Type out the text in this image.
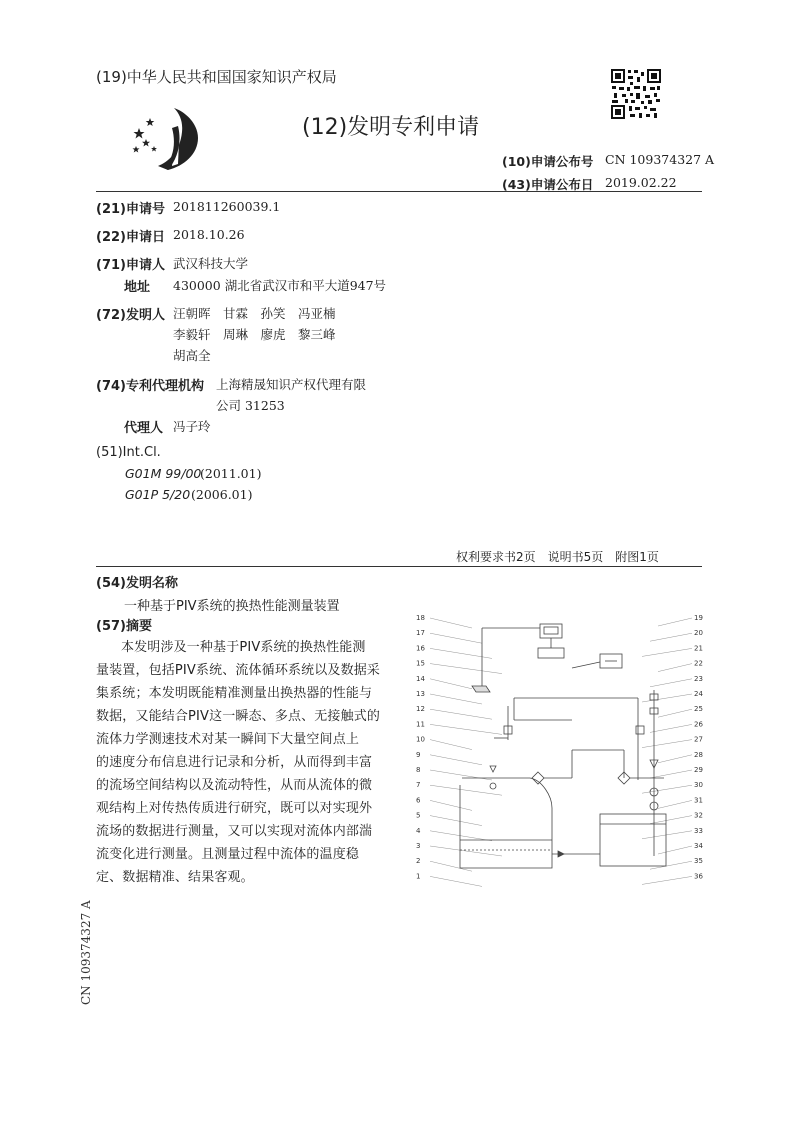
(19)中华人民共和国国家知识产权局
(12)发明专利申请
(10)申请公布号 CN 109374327 A
(43)申请公布日 2019.02.22
(21)申请号 201811260039.1
(22)申请日 2018.10.26
(71)申请人 武汉科技大学
地址 430000 湖北省武汉市和平大道947号
(72)发明人 汪朝晖　甘霖　孙笑　冯亚楠
李毅轩　周琳　廖虎　黎三峰
胡高全
(74)专利代理机构 上海精晟知识产权代理有限
公司 31253
代理人 冯子玲
(51)Int.Cl.
G01M 99/00
(2011.01)
G01P 5/20 (2006.01)
权利要求书2页　说明书5页　附图1页
(54)发明名称
一种基于PIV系统的换热性能测量装置
(57)摘要
本发明涉及一种基于PIV系统的换热性能测
量装置，包括PIV系统、流体循环系统以及数据采
集系统；本发明既能精准测量出换热器的性能与
数据，又能结合PIV这一瞬态、多点、无接触式的
流体力学测速技术对某一瞬间下大量空间点上
的速度分布信息进行记录和分析，从而得到丰富
的流场空间结构以及流动特性，从而从流体的微
观结构上对传热传质进行研究，既可以对实现外
流场的数据进行测量，又可以实现对流体内部湍
流变化进行测量。且测量过程中流体的温度稳
定、数据精准、结果客观。
18
17
16
15
14
13
12
11
10
9
8
7
6
5
4
3
2
1
19
20
21
22
23
24
25
26
27
28
29
30
31
32
33
34
35
36
CN 109374327 A
